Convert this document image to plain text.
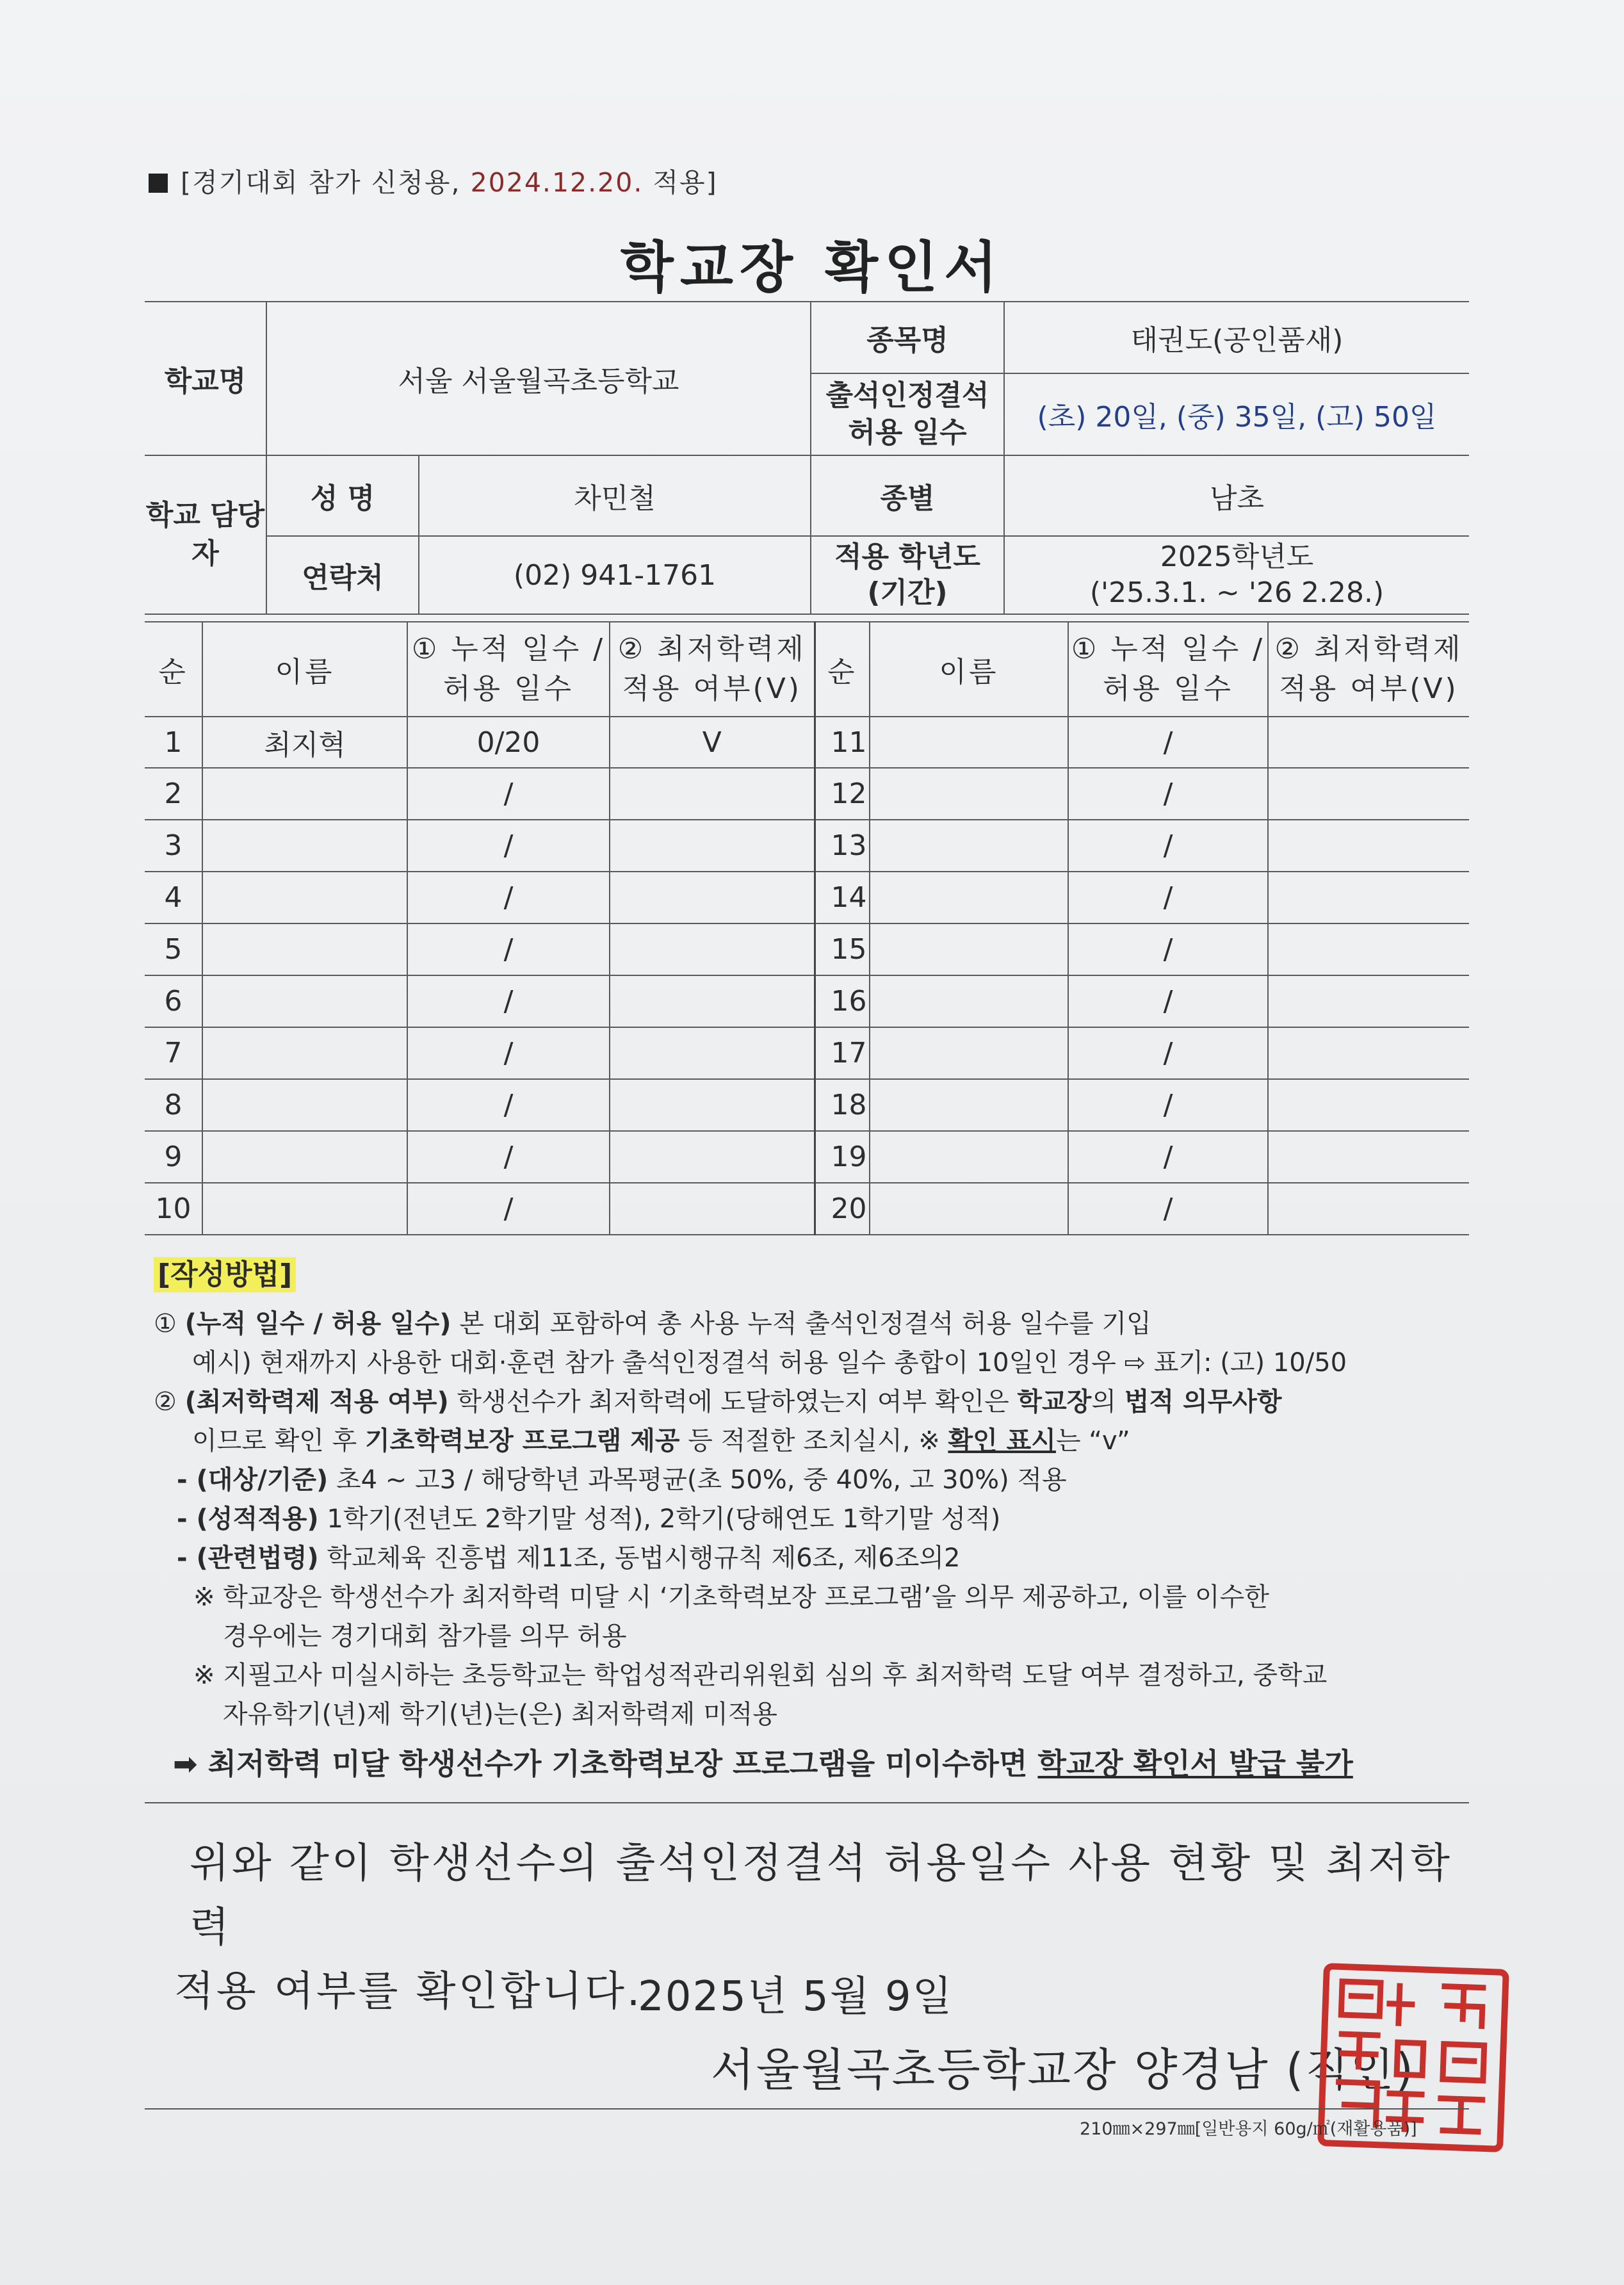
[경기대회 참가 신청용, 2024.12.20. 적용]
학교장 확인서
학교명	서울 서울월곡초등학교		종목명	태권도(공인품새)
			출석인정결석 허용 일수	(초) 20일, (중) 35일, (고) 50일
학교 담당자	성 명	차민철	종별	남초
	연락처	(02) 941-1761	적용 학년도 (기간)	2025학년도
('25.3.1. ~ '26 2.28.)
순	이름	① 누적 일수 / 허용 일수	② 최저학력제 적용 여부(V)	순	이름	① 누적 일수 / 허용 일수	② 최저학력제 적용 여부(V)
1	최지혁	0/20	V	11		/	
2		/		12		/	
3		/		13		/	
4		/		14		/	
5		/		15		/	
6		/		16		/	
7		/		17		/	
8		/		18		/	
9		/		19		/	
10		/		20		/	
[작성방법]
① (누적 일수 / 허용 일수) 본 대회 포함하여 총 사용 누적 출석인정결석 허용 일수를 기입
예시) 현재까지 사용한 대회·훈련 참가 출석인정결석 허용 일수 총합이 10일인 경우 ⇨ 표기: (고) 10/50
② (최저학력제 적용 여부) 학생선수가 최저학력에 도달하였는지 여부 확인은 학교장의 법적 의무사항
이므로 확인 후 기초학력보장 프로그램 제공 등 적절한 조치실시, ※ 확인 표시는 “v”
- (대상/기준) 초4 ~ 고3 / 해당학년 과목평균(초 50%, 중 40%, 고 30%) 적용
- (성적적용) 1학기(전년도 2학기말 성적), 2학기(당해연도 1학기말 성적)
- (관련법령) 학교체육 진흥법 제11조, 동법시행규칙 제6조, 제6조의2
※ 학교장은 학생선수가 최저학력 미달 시 ‘기초학력보장 프로그램’을 의무 제공하고, 이를 이수한
경우에는 경기대회 참가를 의무 허용
※ 지필고사 미실시하는 초등학교는 학업성적관리위원회 심의 후 최저학력 도달 여부 결정하고, 중학교
자유학기(년)제 학기(년)는(은) 최저학력제 미적용
➡ 최저학력 미달 학생선수가 기초학력보장 프로그램을 미이수하면 학교장 확인서 발급 불가
위와 같이 학생선수의 출석인정결석 허용일수 사용 현황 및 최저학력
적용 여부를 확인합니다.
2025년 5월 9일
서울월곡초등학교장 양경남 (직인)
210㎜×297㎜[일반용지 60g/㎡(재활용품)]
